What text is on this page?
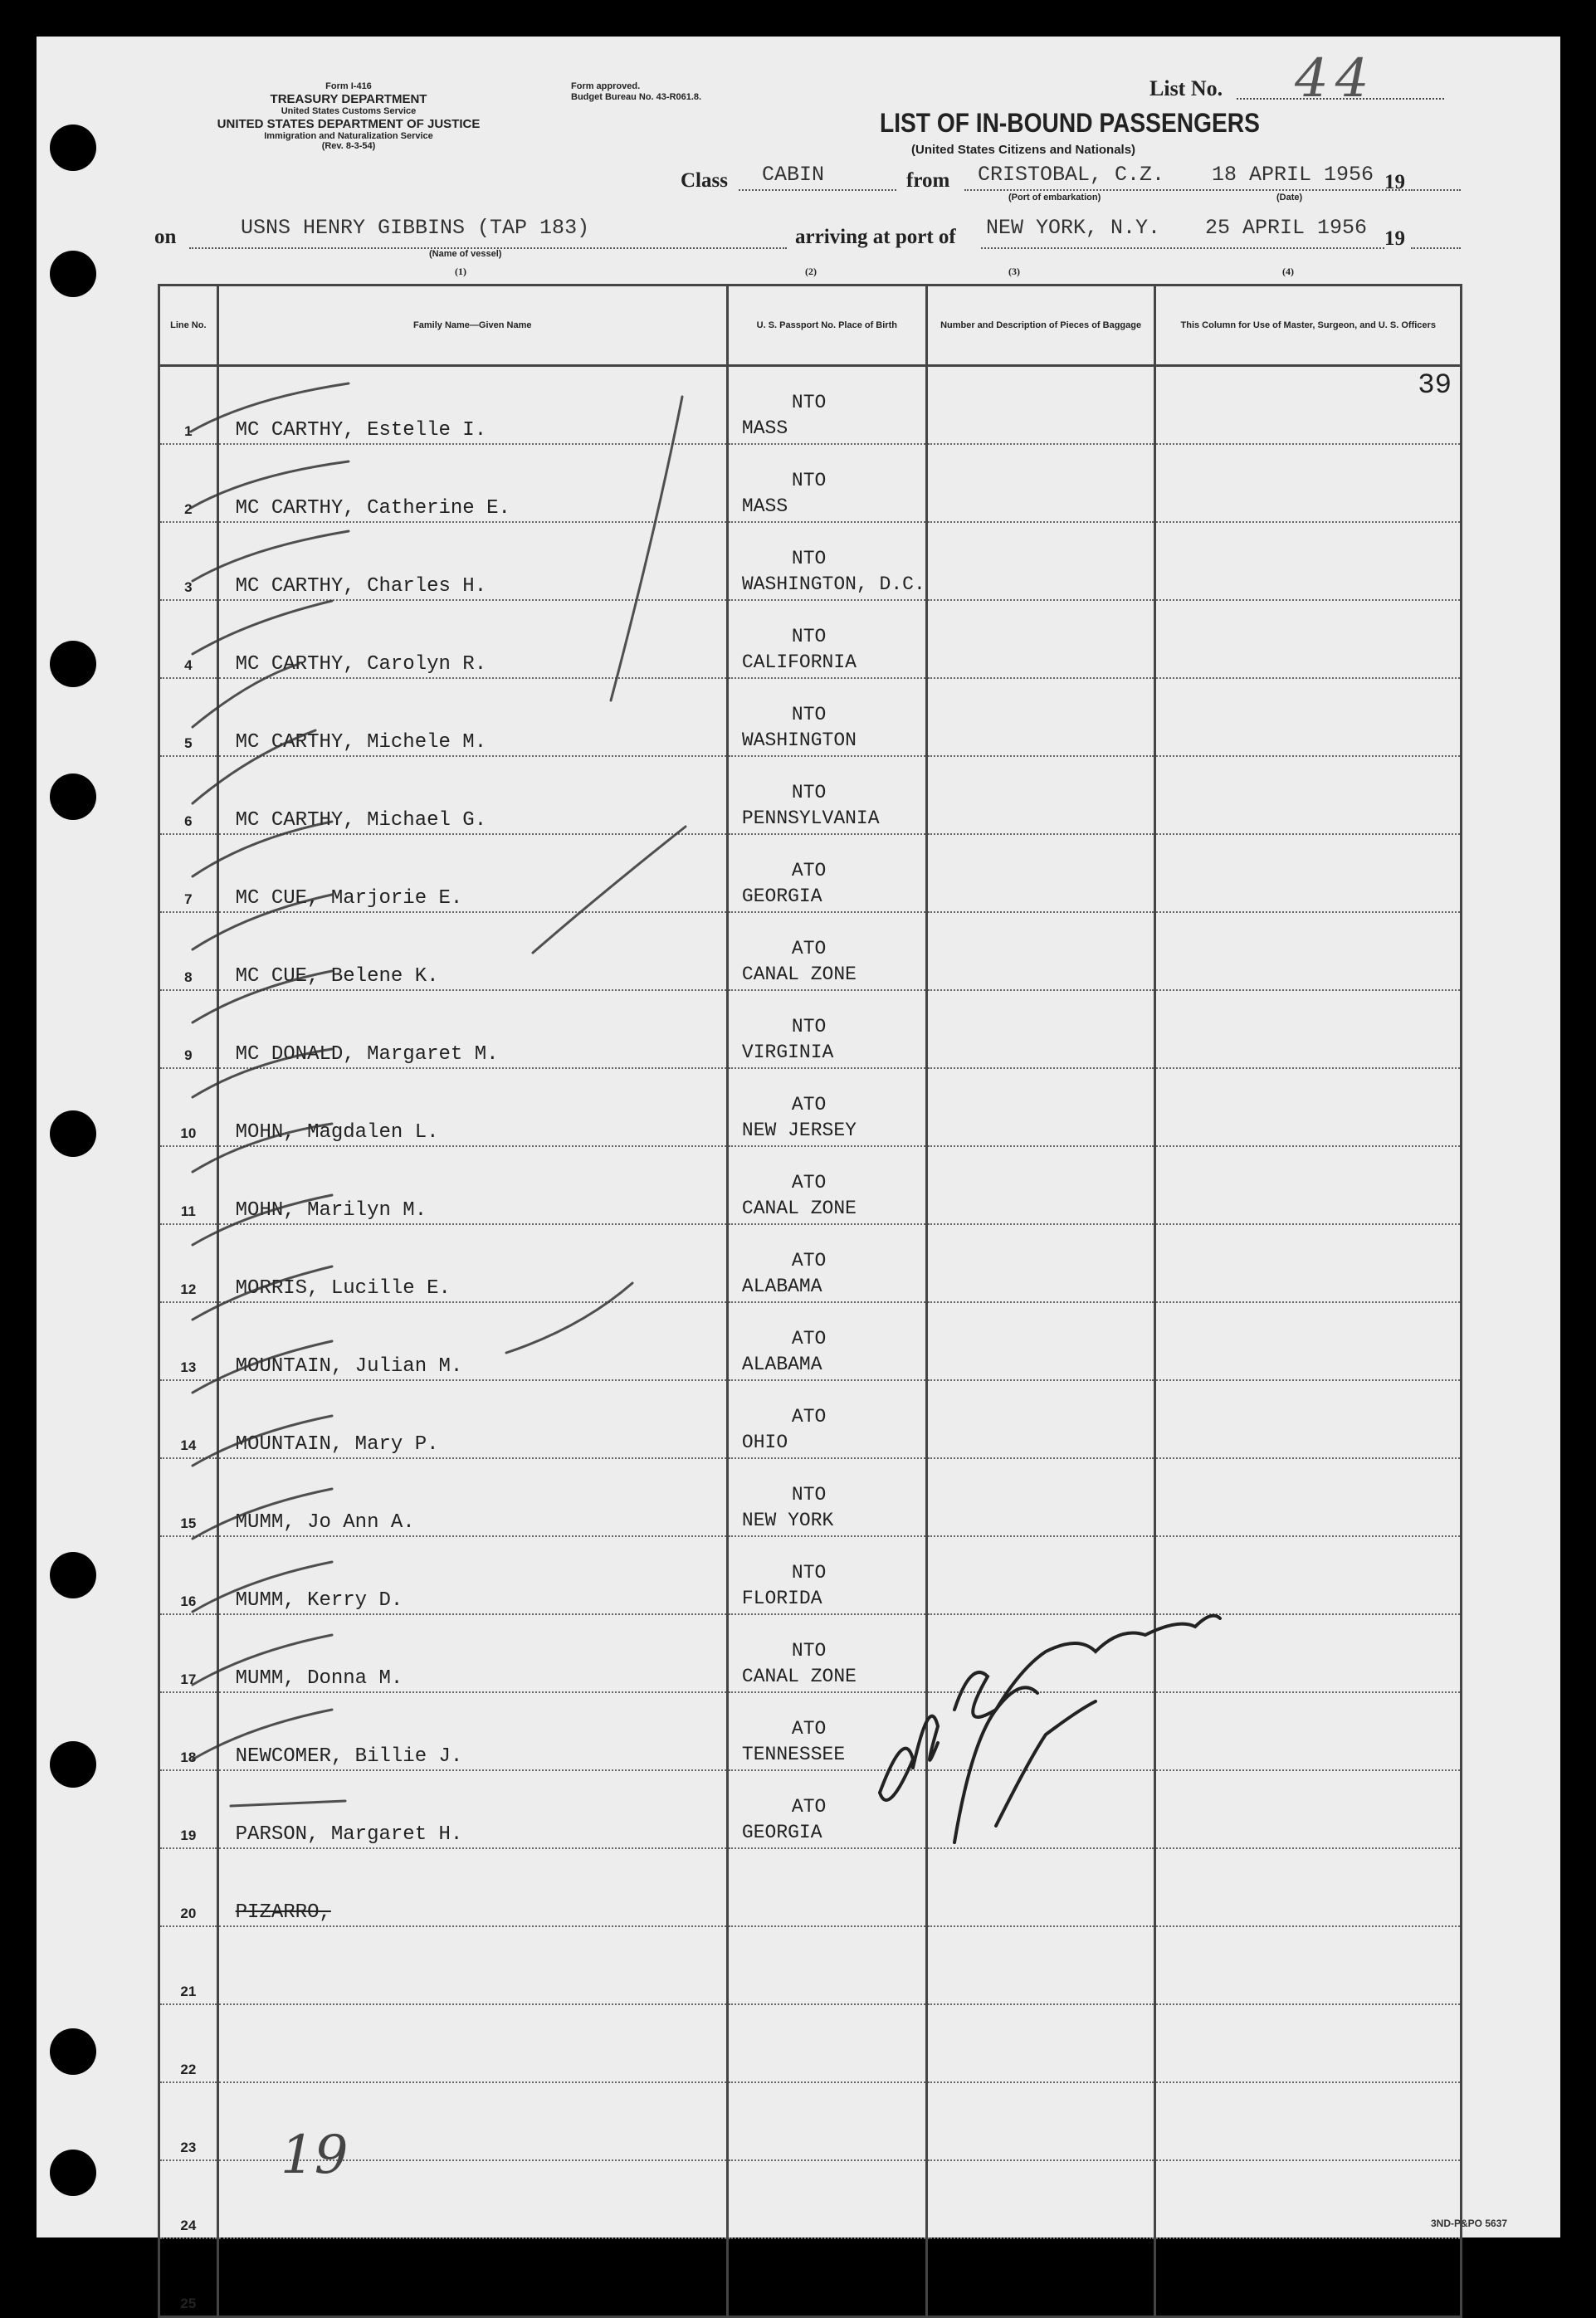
Form I-416
TREASURY DEPARTMENT
United States Customs Service
UNITED STATES DEPARTMENT OF JUSTICE
Immigration and Naturalization Service
(Rev. 8-3-54)
Form approved.
Budget Bureau No. 43-R061.8.	List No. 44
LIST OF IN-BOUND PASSENGERS
(United States Citizens and Nationals)
Class CABIN	from CRISTOBAL, C.Z. 18 APRIL 1956 19
(Port of embarkation)	(Date)
on	USNS HENRY GIBBINS (TAP 183)
(Name of vessel)
arriving at port of NEW YORK, N.Y. 25 APRIL 1956 19
(1)	(2)	(3)	(4)
Line No.	Family Name—Given Name	U. S. Passport No. Place of Birth	Number and Description of Pieces of Baggage	This Column for Use of Master, Surgeon, and U. S. Officers
1	MC CARTHY, Estelle I.	NTO
MASS		39

2	MC CARTHY, Catherine E.	NTO
MASS		

3	MC CARTHY, Charles H.	NTO
WASHINGTON, D.C.		

4	MC CARTHY, Carolyn R.	NTO
CALIFORNIA		

5	MC CARTHY, Michele M.	NTO
WASHINGTON		

6	MC CARTHY, Michael G.	NTO
PENNSYLVANIA		

7	MC CUE, Marjorie E.	ATO
GEORGIA		

8	MC CUE, Belene K.	ATO
CANAL ZONE		

9	MC DONALD, Margaret M.	NTO
VIRGINIA		

10	MOHN, Magdalen L.	ATO
NEW JERSEY		

11	MOHN, Marilyn M.	ATO
CANAL ZONE		

12	MORRIS, Lucille E.	ATO
ALABAMA		

13	MOUNTAIN, Julian M.	ATO
ALABAMA		

14	MOUNTAIN, Mary P.	ATO
OHIO		

15	MUMM, Jo Ann A.	NTO
NEW YORK		

16	MUMM, Kerry D.	NTO
FLORIDA		

17	MUMM, Donna M.	NTO
CANAL ZONE		

18	NEWCOMER, Billie J.	ATO
TENNESSEE		

19	PARSON, Margaret H.	ATO
GEORGIA		

20	PIZARRO,	

21		

22		

23		

24		

25		

19
3ND-P&PO 5637
